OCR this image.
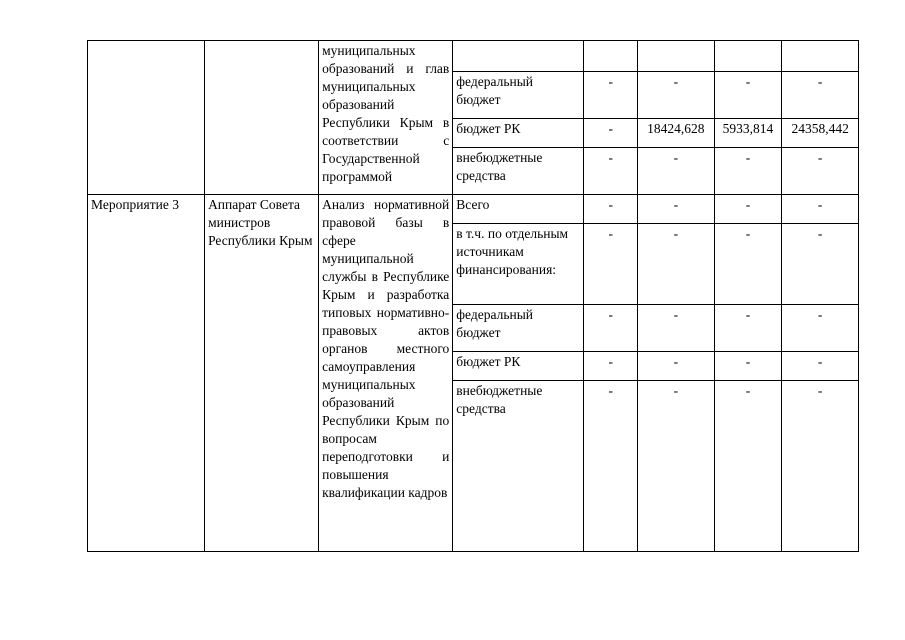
		муниципальных образований и глав муниципальных образований Республики Крым в соответствии с Государственной программой					
			федеральный бюджет	-	-	-	-
			бюджет РК	-	18424,628	5933,814	24358,442
			внебюджетные средства	-	-	-	-
Мероприятие 3	Аппарат Совета министров Республики Крым	Анализ нормативной правовой базы в сфере муниципальной службы в Республике Крым и разработка типовых нормативно-правовых актов органов местного самоуправления муниципальных образований Республики Крым по вопросам переподготовки и повышения квалификации кадров	Всего	-	-	-	-
			в т.ч. по отдельным источникам финансирования:	-	-	-	-
			федеральный бюджет	-	-	-	-
			бюджет РК	-	-	-	-
			внебюджетные средства	-	-	-	-
